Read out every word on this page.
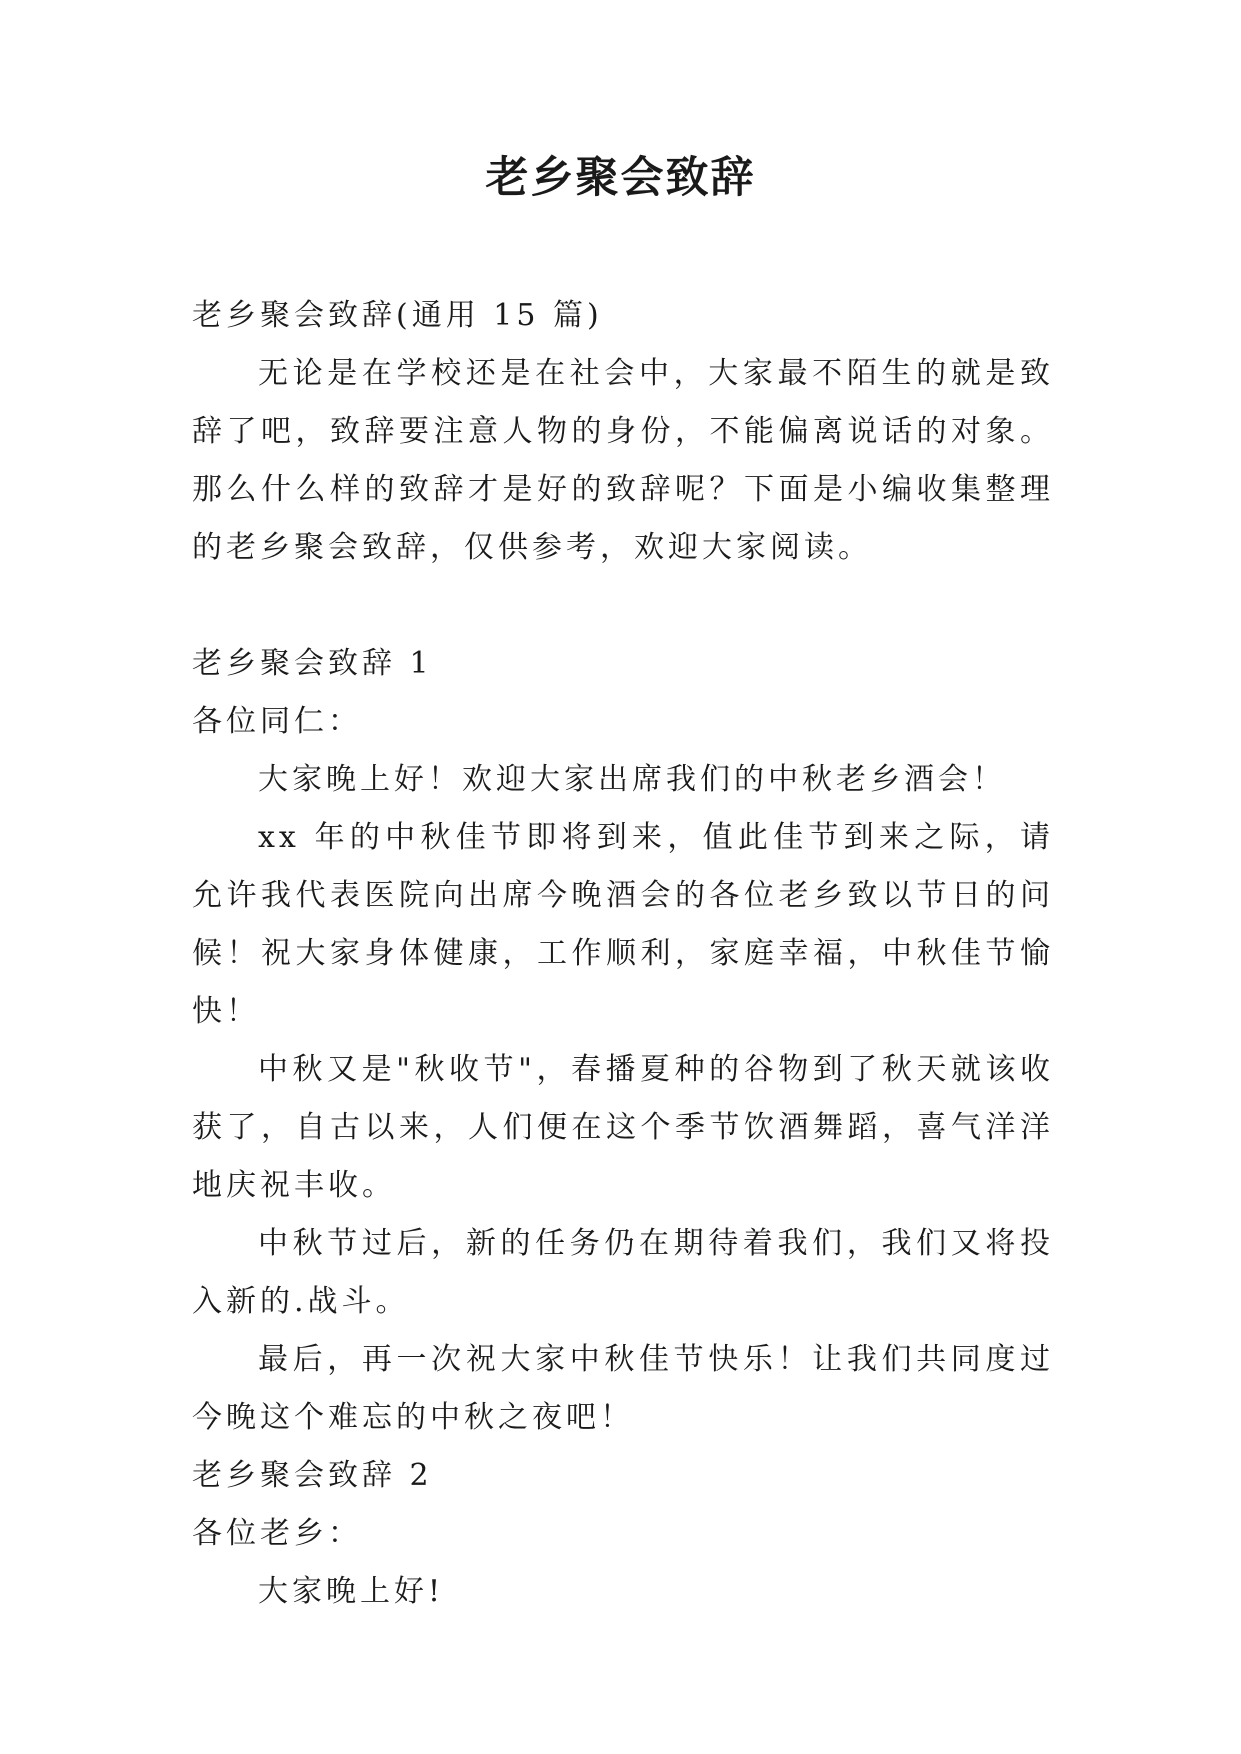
老乡聚会致辞

老乡聚会致辞(通用 15 篇)

无论是在学校还是在社会中，大家最不陌生的就是致辞了吧，致辞要注意人物的身份，不能偏离说话的对象。那么什么样的致辞才是好的致辞呢？下面是小编收集整理的老乡聚会致辞，仅供参考，欢迎大家阅读。

老乡聚会致辞 1

各位同仁：

大家晚上好！欢迎大家出席我们的中秋老乡酒会！

xx 年的中秋佳节即将到来，值此佳节到来之际，请允许我代表医院向出席今晚酒会的各位老乡致以节日的问候！祝大家身体健康，工作顺利，家庭幸福，中秋佳节愉快！

中秋又是"秋收节"，春播夏种的谷物到了秋天就该收获了，自古以来，人们便在这个季节饮酒舞蹈，喜气洋洋地庆祝丰收。

中秋节过后，新的任务仍在期待着我们，我们又将投入新的.战斗。

最后，再一次祝大家中秋佳节快乐！让我们共同度过今晚这个难忘的中秋之夜吧！

老乡聚会致辞 2

各位老乡：

大家晚上好!
